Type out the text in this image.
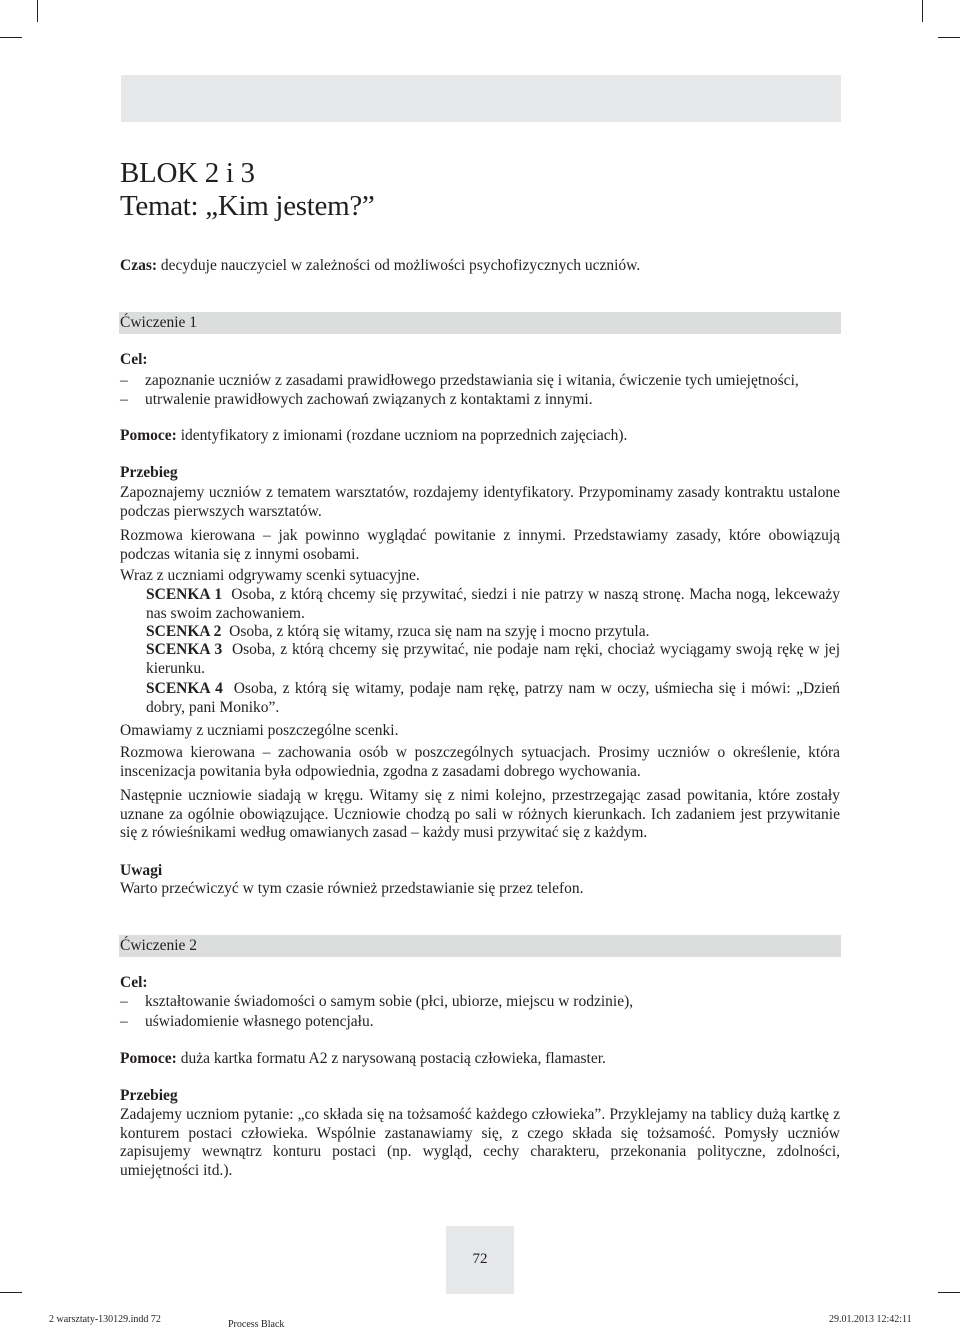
BLOK 2 i 3
Temat: „Kim jestem?”

Czas: decyduje nauczyciel w zależności od możliwości psychofizycznych uczniów.

Ćwiczenie 1

Cel:

– zapoznanie uczniów z zasadami prawidłowego przedstawiania się i witania, ćwiczenie tych umiejętności,
– utrwalenie prawidłowych zachowań związanych z kontaktami z innymi.

Pomoce: identyfikatory z imionami (rozdane uczniom na poprzednich zajęciach).

Przebieg

Zapoznajemy uczniów z tematem warsztatów, rozdajemy identyfikatory. Przypominamy zasady kontraktu ustalone podczas pierwszych warsztatów.

Rozmowa kierowana – jak powinno wyglądać powitanie z innymi. Przedstawiamy zasady, które obowiązują podczas witania się z innymi osobami.

Wraz z uczniami odgrywamy scenki sytuacyjne.

SCENKA 1 Osoba, z którą chcemy się przywitać, siedzi i nie patrzy w naszą stronę. Macha nogą, lekceważy nas swoim zachowaniem.
SCENKA 2 Osoba, z którą się witamy, rzuca się nam na szyję i mocno przytula.
SCENKA 3 Osoba, z którą chcemy się przywitać, nie podaje nam ręki, chociaż wyciągamy swoją rękę w jej kierunku.
SCENKA 4 Osoba, z którą się witamy, podaje nam rękę, patrzy nam w oczy, uśmiecha się i mówi: „Dzień dobry, pani Moniko”.

Omawiamy z uczniami poszczególne scenki.

Rozmowa kierowana – zachowania osób w poszczególnych sytuacjach. Prosimy uczniów o określenie, która inscenizacja powitania była odpowiednia, zgodna z zasadami dobrego wychowania.

Następnie uczniowie siadają w kręgu. Witamy się z nimi kolejno, przestrzegając zasad powitania, które zostały uznane za ogólnie obowiązujące. Uczniowie chodzą po sali w różnych kierunkach. Ich zadaniem jest przywitanie się z rówieśnikami według omawianych zasad – każdy musi przywitać się z każdym.

Uwagi

Warto przećwiczyć w tym czasie również przedstawianie się przez telefon.

Ćwiczenie 2

Cel:

– kształtowanie świadomości o samym sobie (płci, ubiorze, miejscu w rodzinie),
– uświadomienie własnego potencjału.

Pomoce: duża kartka formatu A2 z narysowaną postacią człowieka, flamaster.

Przebieg

Zadajemy uczniom pytanie: „co składa się na tożsamość każdego człowieka”. Przyklejamy na tablicy dużą kartkę z konturem postaci człowieka. Wspólnie zastanawiamy się, z czego składa się tożsamość. Pomysły uczniów zapisujemy wewnątrz konturu postaci (np. wygląd, cechy charakteru, przekonania polityczne, zdolności, umiejętności itd.).

72
2 warsztaty-130129.indd 72	Process Black	29.01.2013 12:42:11
